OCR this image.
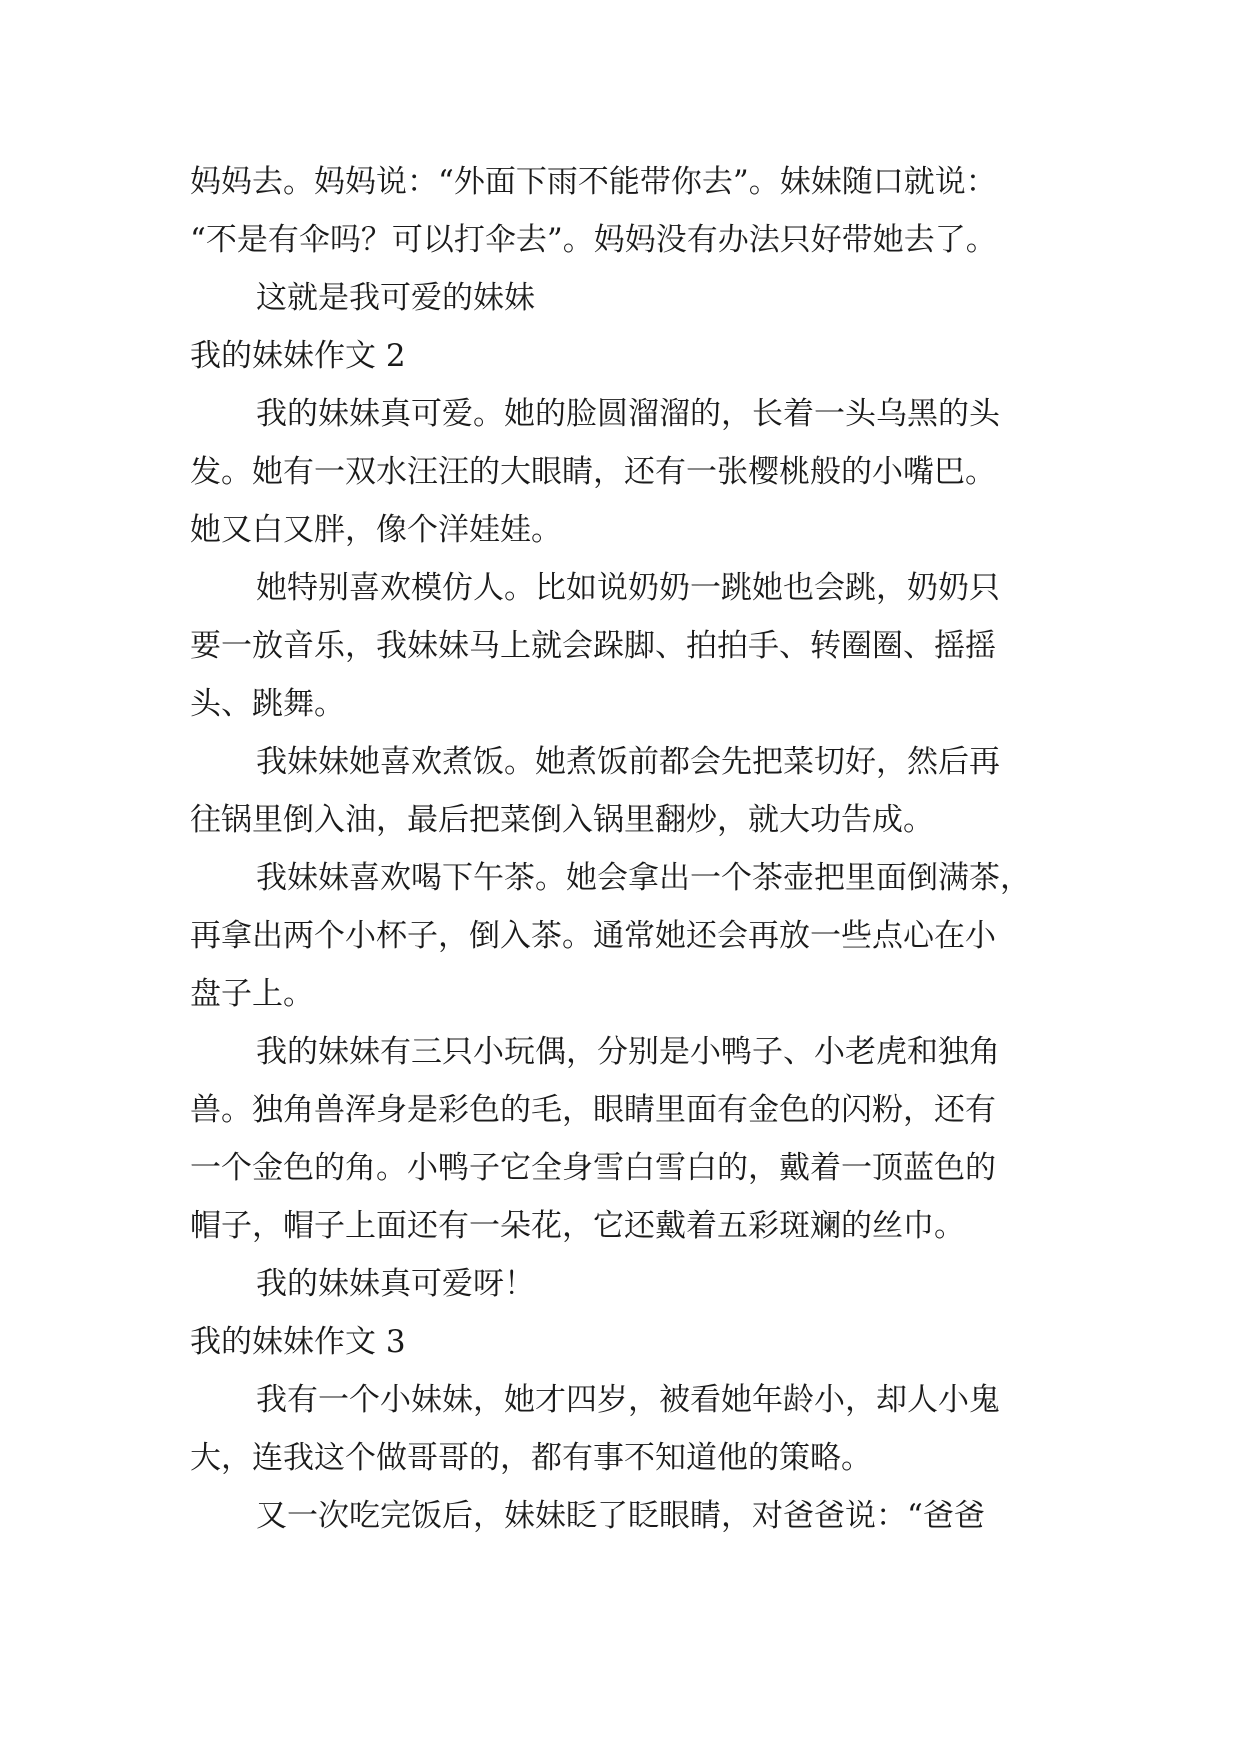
妈妈去。妈妈说：“外面下雨不能带你去”。妹妹随口就说：
“不是有伞吗？可以打伞去”。妈妈没有办法只好带她去了。
这就是我可爱的妹妹
我的妹妹作文 2
我的妹妹真可爱。她的脸圆溜溜的，长着一头乌黑的头
发。她有一双水汪汪的大眼睛，还有一张樱桃般的小嘴巴。
她又白又胖，像个洋娃娃。
她特别喜欢模仿人。比如说奶奶一跳她也会跳，奶奶只
要一放音乐，我妹妹马上就会跺脚、拍拍手、转圈圈、摇摇
头、跳舞。
我妹妹她喜欢煮饭。她煮饭前都会先把菜切好，然后再
往锅里倒入油，最后把菜倒入锅里翻炒，就大功告成。
我妹妹喜欢喝下午茶。她会拿出一个茶壶把里面倒满茶，
再拿出两个小杯子，倒入茶。通常她还会再放一些点心在小
盘子上。
我的妹妹有三只小玩偶，分别是小鸭子、小老虎和独角
兽。独角兽浑身是彩色的毛，眼睛里面有金色的闪粉，还有
一个金色的角。小鸭子它全身雪白雪白的，戴着一顶蓝色的
帽子，帽子上面还有一朵花，它还戴着五彩斑斓的丝巾。
我的妹妹真可爱呀！
我的妹妹作文 3
我有一个小妹妹，她才四岁，被看她年龄小，却人小鬼
大，连我这个做哥哥的，都有事不知道他的策略。
又一次吃完饭后，妹妹眨了眨眼睛，对爸爸说：“爸爸
